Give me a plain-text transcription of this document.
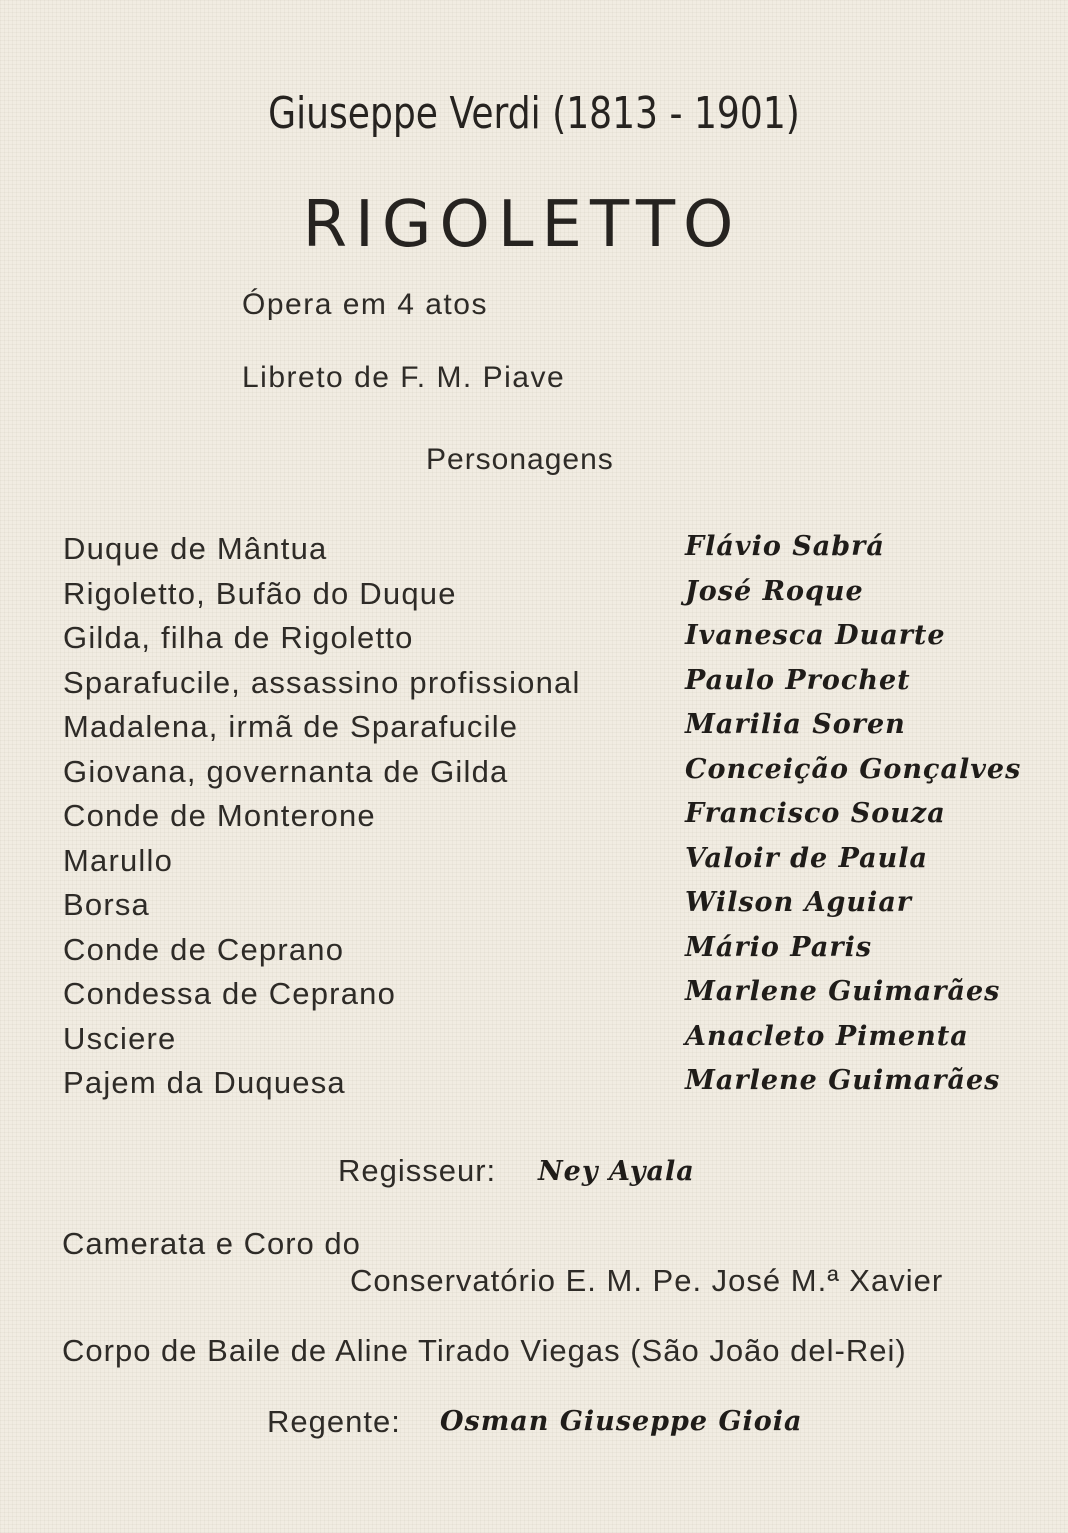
Giuseppe Verdi (1813 - 1901)
RIGOLETTO
Ópera em 4 atos
Libreto de F. M. Piave
Personagens
Duque de Mântua	Flávio Sabrá
Rigoletto, Bufão do Duque	José Roque
Gilda, filha de Rigoletto	Ivanesca Duarte
Sparafucile, assassino profissional	Paulo Prochet
Madalena, irmã de Sparafucile	Marilia Soren
Giovana, governanta de Gilda	Conceição Gonçalves
Conde de Monterone	Francisco Souza
Marullo	Valoir de Paula
Borsa	Wilson Aguiar
Conde de Ceprano	Mário Paris
Condessa de Ceprano	Marlene Guimarães
Usciere	Anacleto Pimenta
Pajem da Duquesa	Marlene Guimarães
Regisseur: Ney Ayala
Camerata e Coro do
Conservatório E. M. Pe. José M.ª Xavier
Corpo de Baile de Aline Tirado Viegas (São João del-Rei)
Regente: Osman Giuseppe Gioia
